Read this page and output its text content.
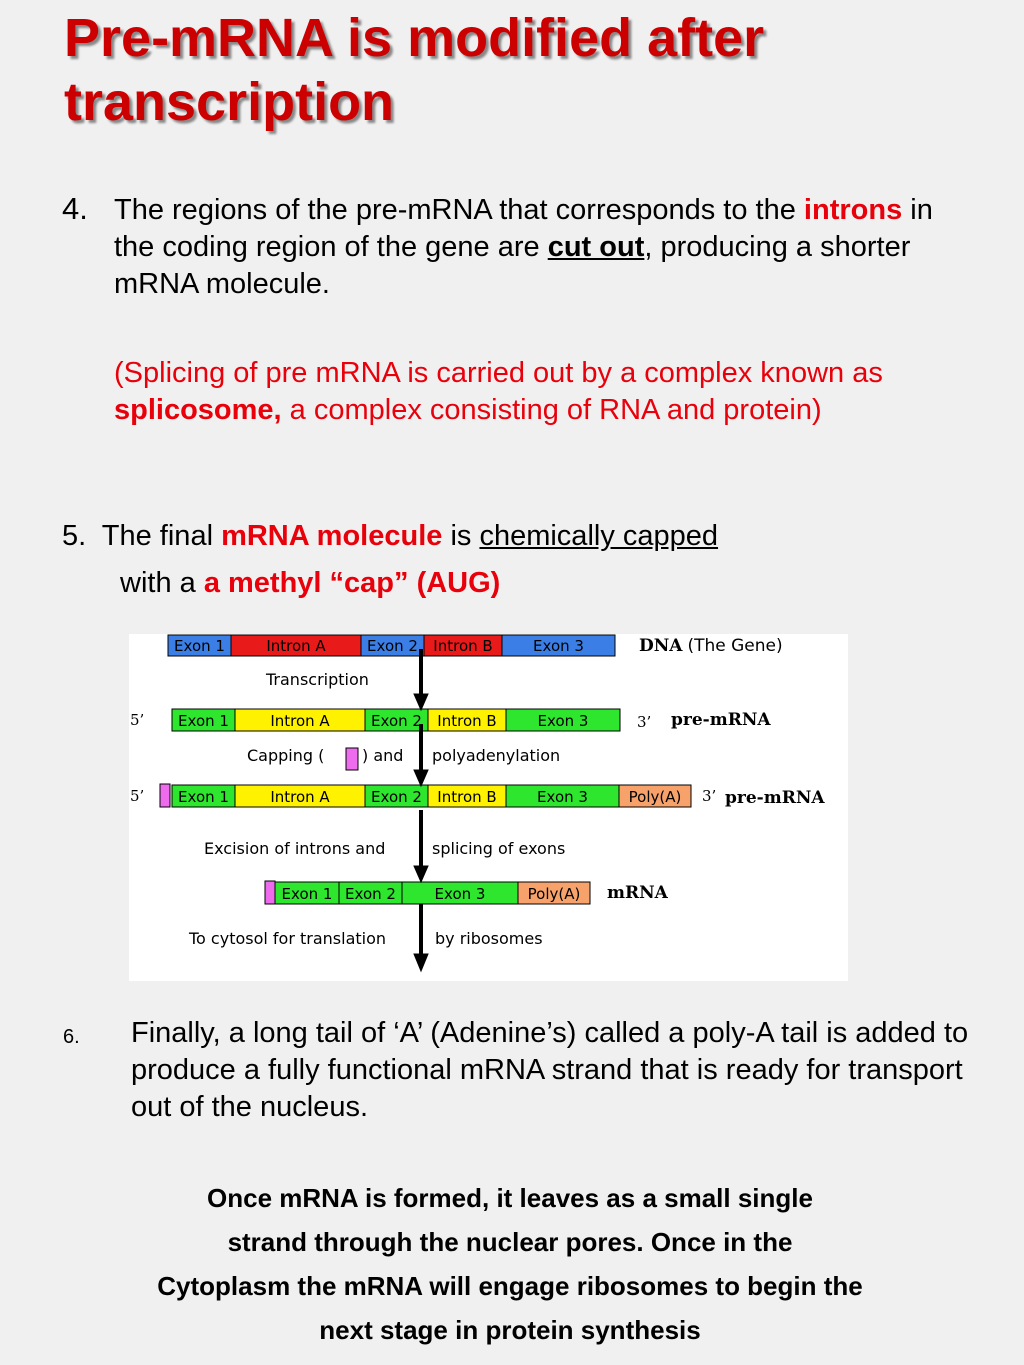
Pre-mRNA is modified after transcription
4. The regions of the pre-mRNA that corresponds to the introns in the coding region of the gene are cut out, producing a shorter mRNA molecule.
(Splicing of pre mRNA is carried out by a complex known as splicosome, a complex consisting of RNA and protein)
5. The final mRNA molecule is chemically capped
with a a methyl “cap” (AUG)
Exon 1	Intron A	Exon 2 Intron B	Exon 3
Exon 1	Intron A	Exon 2 Intron B	Exon 3
Exon 1	Intron A	Exon 2 Intron B	Exon 3	Poly(A)
Exon 1 Exon 2	Exon 3	Poly(A)
Transcription
Capping ( ) and polyadenylation
Excision of introns and	splicing of exons
To cytosol for translation	by ribosomes
DNA (The Gene)
5’	3’ pre-mRNA
5’	3’ pre-mRNA
mRNA
6. Finally, a long tail of ‘A’ (Adenine’s) called a poly-A tail is added to produce a fully functional mRNA strand that is ready for transport out of the nucleus.
Once mRNA is formed, it leaves as a small single
strand through the nuclear pores. Once in the
Cytoplasm the mRNA will engage ribosomes to begin the
next stage in protein synthesis
